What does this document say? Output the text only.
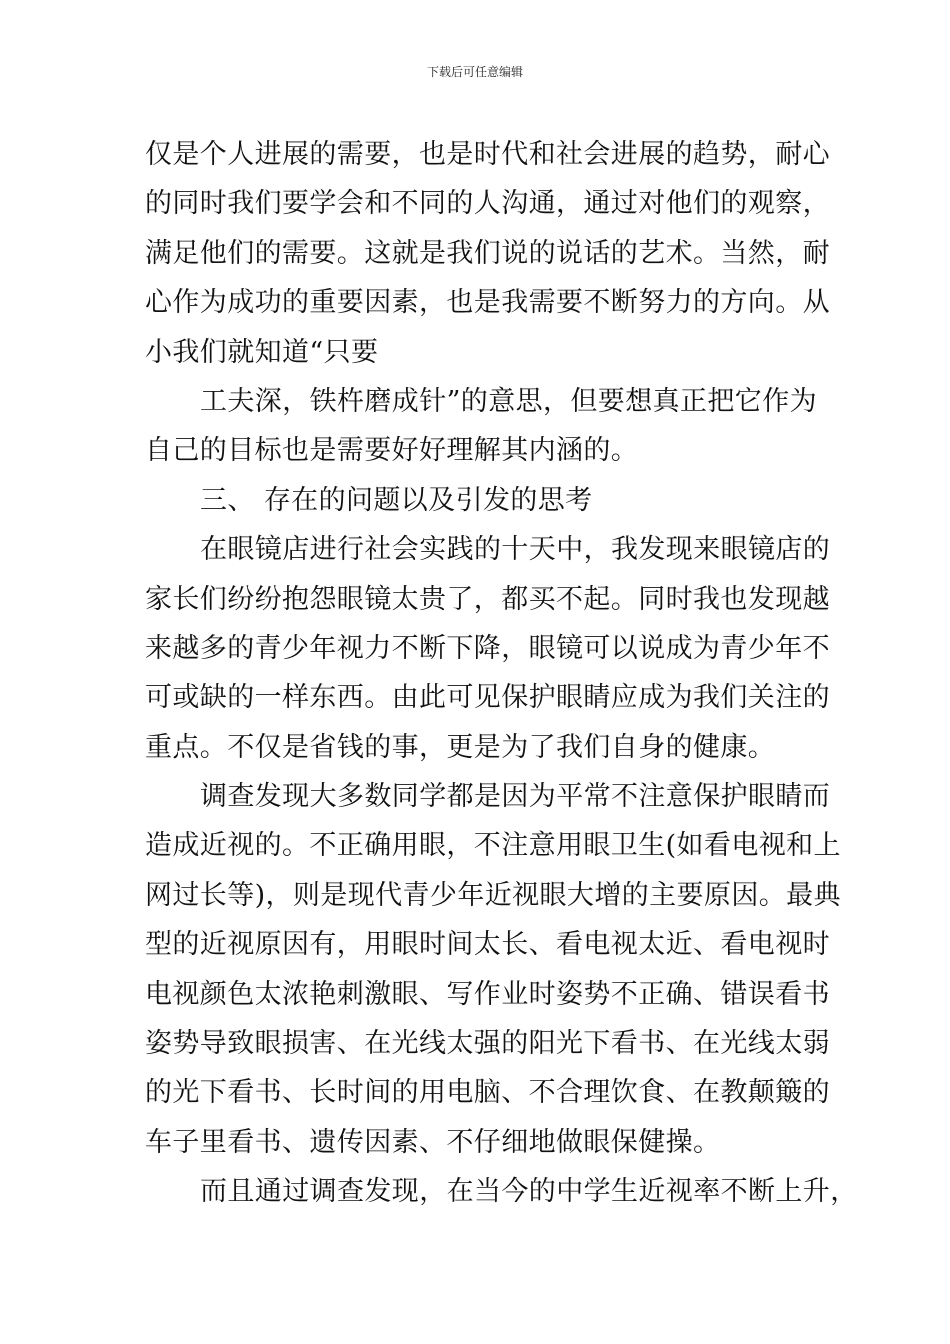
下载后可任意编辑
仅是个人进展的需要，也是时代和社会进展的趋势，耐心
的同时我们要学会和不同的人沟通，通过对他们的观察，
满足他们的需要。这就是我们说的说话的艺术。当然，耐
心作为成功的重要因素，也是我需要不断努力的方向。从
小我们就知道“只要
工夫深，铁杵磨成针”的意思，但要想真正把它作为
自己的目标也是需要好好理解其内涵的。
三、 存在的问题以及引发的思考
在眼镜店进行社会实践的十天中，我发现来眼镜店的
家长们纷纷抱怨眼镜太贵了，都买不起。同时我也发现越
来越多的青少年视力不断下降，眼镜可以说成为青少年不
可或缺的一样东西。由此可见保护眼睛应成为我们关注的
重点。不仅是省钱的事，更是为了我们自身的健康。
调查发现大多数同学都是因为平常不注意保护眼睛而
造成近视的。不正确用眼，不注意用眼卫生(如看电视和上
网过长等)，则是现代青少年近视眼大增的主要原因。最典
型的近视原因有，用眼时间太长、看电视太近、看电视时
电视颜色太浓艳刺激眼、写作业时姿势不正确、错误看书
姿势导致眼损害、在光线太强的阳光下看书、在光线太弱
的光下看书、长时间的用电脑、不合理饮食、在教颠簸的
车子里看书、遗传因素、不仔细地做眼保健操。
而且通过调查发现，在当今的中学生近视率不断上升，
